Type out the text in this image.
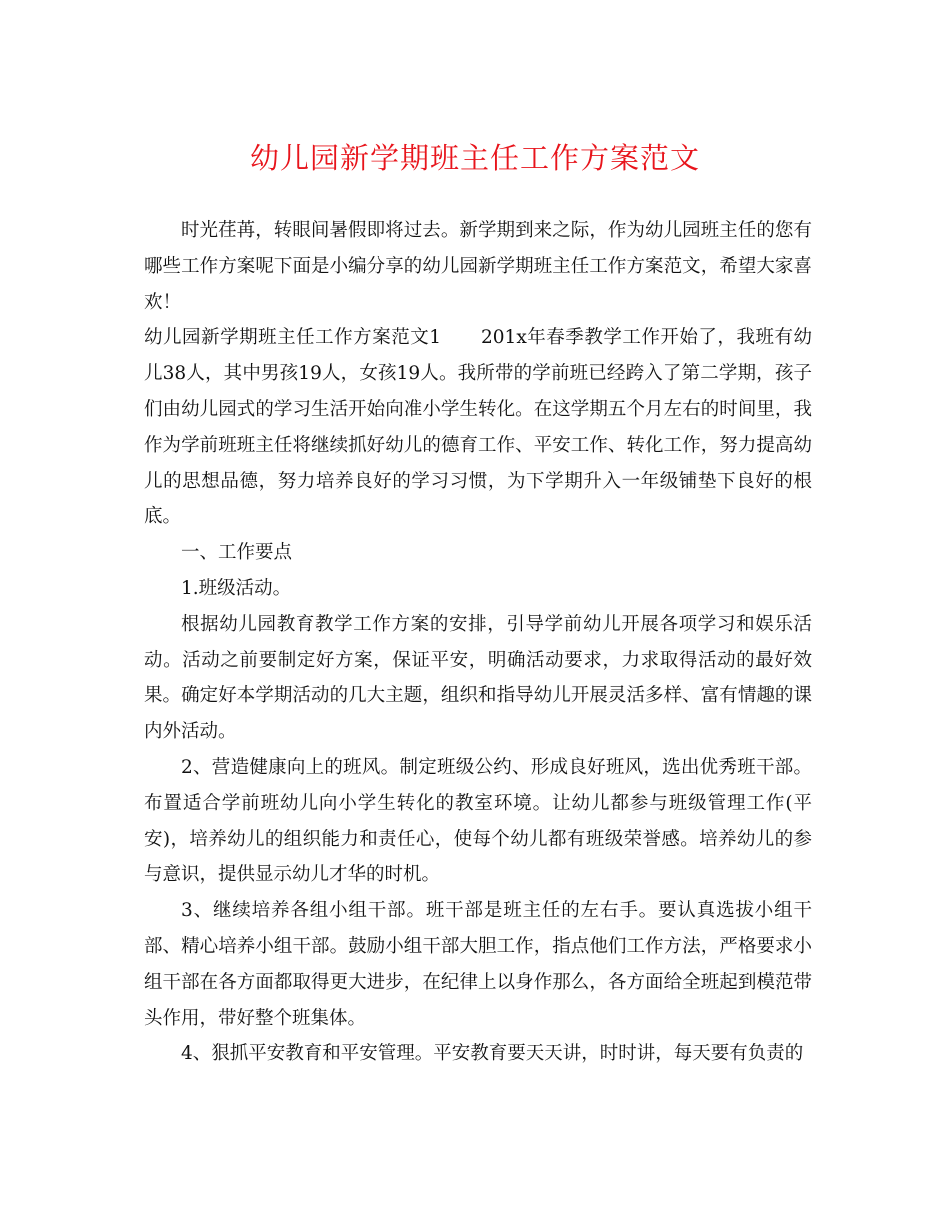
幼儿园新学期班主任工作方案范文

时光荏苒，转眼间暑假即将过去。新学期到来之际，作为幼儿园班主任的您有哪些工作方案呢下面是小编分享的幼儿园新学期班主任工作方案范文，希望大家喜欢！

幼儿园新学期班主任工作方案范文1 201x年春季教学工作开始了，我班有幼儿38人，其中男孩19人，女孩19人。我所带的学前班已经跨入了第二学期，孩子们由幼儿园式的学习生活开始向准小学生转化。在这学期五个月左右的时间里，我作为学前班班主任将继续抓好幼儿的德育工作、平安工作、转化工作，努力提高幼儿的思想品德，努力培养良好的学习习惯，为下学期升入一年级铺垫下良好的根底。

一、工作要点

1.班级活动。

根据幼儿园教育教学工作方案的安排，引导学前幼儿开展各项学习和娱乐活动。活动之前要制定好方案，保证平安，明确活动要求，力求取得活动的最好效果。确定好本学期活动的几大主题，组织和指导幼儿开展灵活多样、富有情趣的课内外活动。

2、营造健康向上的班风。制定班级公约、形成良好班风，选出优秀班干部。布置适合学前班幼儿向小学生转化的教室环境。让幼儿都参与班级管理工作(平安)，培养幼儿的组织能力和责任心，使每个幼儿都有班级荣誉感。培养幼儿的参与意识，提供显示幼儿才华的时机。

3、继续培养各组小组干部。班干部是班主任的左右手。要认真选拔小组干部、精心培养小组干部。鼓励小组干部大胆工作，指点他们工作方法，严格要求小组干部在各方面都取得更大进步，在纪律上以身作那么，各方面给全班起到模范带头作用，带好整个班集体。

4、狠抓平安教育和平安管理。平安教育要天天讲，时时讲，每天要有负责的
